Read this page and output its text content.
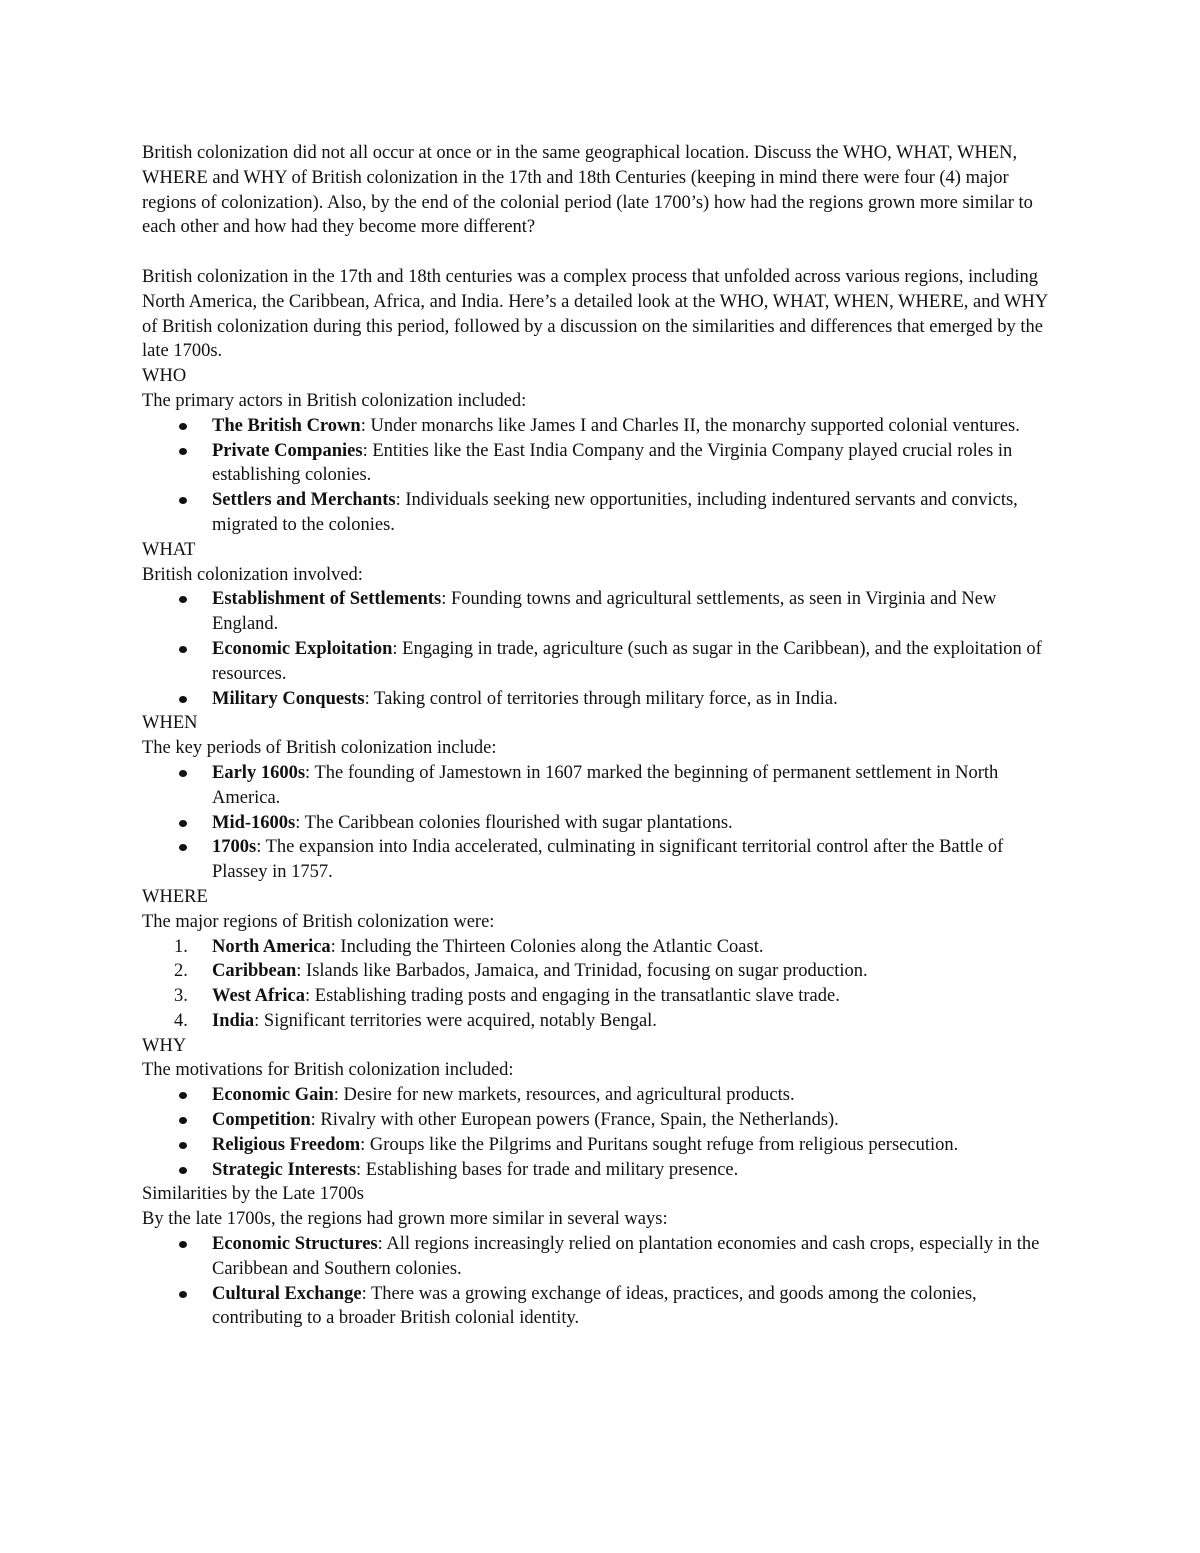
British colonization did not all occur at once or in the same geographical location. Discuss the WHO, WHAT, WHEN, WHERE and WHY of British colonization in the 17th and 18th Centuries (keeping in mind there were four (4) major regions of colonization). Also, by the end of the colonial period (late 1700’s) how had the regions grown more similar to each other and how had they become more different?

British colonization in the 17th and 18th centuries was a complex process that unfolded across various regions, including North America, the Caribbean, Africa, and India. Here’s a detailed look at the WHO, WHAT, WHEN, WHERE, and WHY of British colonization during this period, followed by a discussion on the similarities and differences that emerged by the late 1700s.

WHO

The primary actors in British colonization included:

The British Crown: Under monarchs like James I and Charles II, the monarchy supported colonial ventures.
Private Companies: Entities like the East India Company and the Virginia Company played crucial roles in establishing colonies.
Settlers and Merchants: Individuals seeking new opportunities, including indentured servants and convicts, migrated to the colonies.

WHAT

British colonization involved:

Establishment of Settlements: Founding towns and agricultural settlements, as seen in Virginia and New England.
Economic Exploitation: Engaging in trade, agriculture (such as sugar in the Caribbean), and the exploitation of resources.
Military Conquests: Taking control of territories through military force, as in India.

WHEN

The key periods of British colonization include:

Early 1600s: The founding of Jamestown in 1607 marked the beginning of permanent settlement in North America.
Mid-1600s: The Caribbean colonies flourished with sugar plantations.
1700s: The expansion into India accelerated, culminating in significant territorial control after the Battle of Plassey in 1757.

WHERE

The major regions of British colonization were:

1. North America: Including the Thirteen Colonies along the Atlantic Coast.
2. Caribbean: Islands like Barbados, Jamaica, and Trinidad, focusing on sugar production.
3. West Africa: Establishing trading posts and engaging in the transatlantic slave trade.
4. India: Significant territories were acquired, notably Bengal.

WHY

The motivations for British colonization included:

Economic Gain: Desire for new markets, resources, and agricultural products.
Competition: Rivalry with other European powers (France, Spain, the Netherlands).
Religious Freedom: Groups like the Pilgrims and Puritans sought refuge from religious persecution.
Strategic Interests: Establishing bases for trade and military presence.

Similarities by the Late 1700s

By the late 1700s, the regions had grown more similar in several ways:

Economic Structures: All regions increasingly relied on plantation economies and cash crops, especially in the Caribbean and Southern colonies.
Cultural Exchange: There was a growing exchange of ideas, practices, and goods among the colonies, contributing to a broader British colonial identity.
